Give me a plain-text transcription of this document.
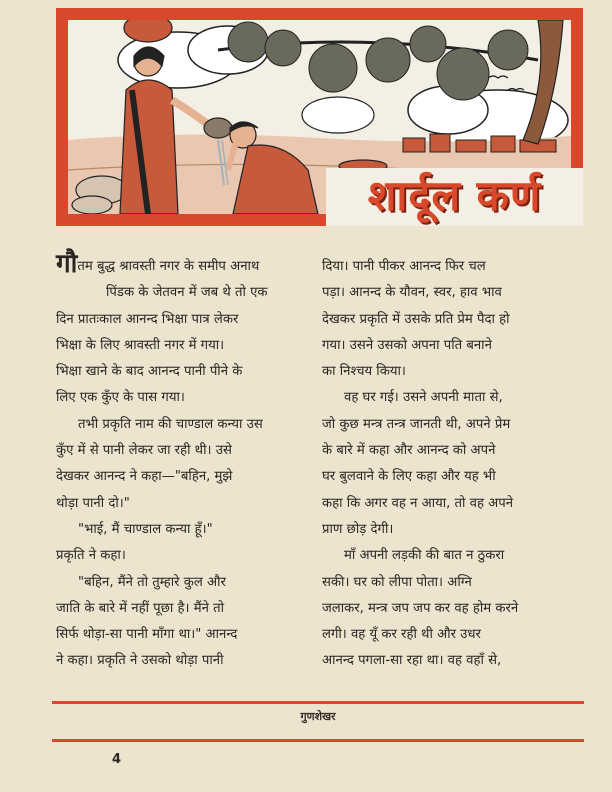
शार्दूल कर्ण

गौतम बुद्ध श्रावस्ती नगर के समीप अनाथ
पिंडक के जेतवन में जब थे तो एक
दिन प्रातःकाल आनन्द भिक्षा पात्र लेकर
भिक्षा के लिए श्रावस्ती नगर में गया।
भिक्षा खाने के बाद आनन्द पानी पीने के
लिए एक कुँए के पास गया।
तभी प्रकृति नाम की चाण्डाल कन्या उस
कुँए में से पानी लेकर जा रही थी। उसे
देखकर आनन्द ने कहा—"बहिन, मुझे
थोड़ा पानी दो।"
"भाई, मैं चाण्डाल कन्या हूँ।"
प्रकृति ने कहा।
"बहिन, मैंने तो तुम्हारे कुल और
जाति के बारे में नहीं पूछा है। मैंने तो
सिर्फ थोड़ा-सा पानी माँगा था।" आनन्द
ने कहा। प्रकृति ने उसको थोड़ा पानी

दिया। पानी पीकर आनन्द फिर चल
पड़ा। आनन्द के यौवन, स्वर, हाव भाव
देखकर प्रकृति में उसके प्रति प्रेम पैदा हो
गया। उसने उसको अपना पति बनाने
का निश्चय किया।
वह घर गई। उसने अपनी माता से,
जो कुछ मन्त्र तन्त्र जानती थी, अपने प्रेम
के बारे में कहा और आनन्द को अपने
घर बुलवाने के लिए कहा और यह भी
कहा कि अगर वह न आया, तो वह अपने
प्राण छोड़ देगी।
माँ अपनी लड़की की बात न ठुकरा
सकी। घर को लीपा पोता। अग्नि
जलाकर, मन्त्र जप जप कर वह होम करने
लगी। वह यूँ कर रही थी और उधर
आनन्द पगला-सा रहा था। वह वहाँ से,

गुणशेखर
4
